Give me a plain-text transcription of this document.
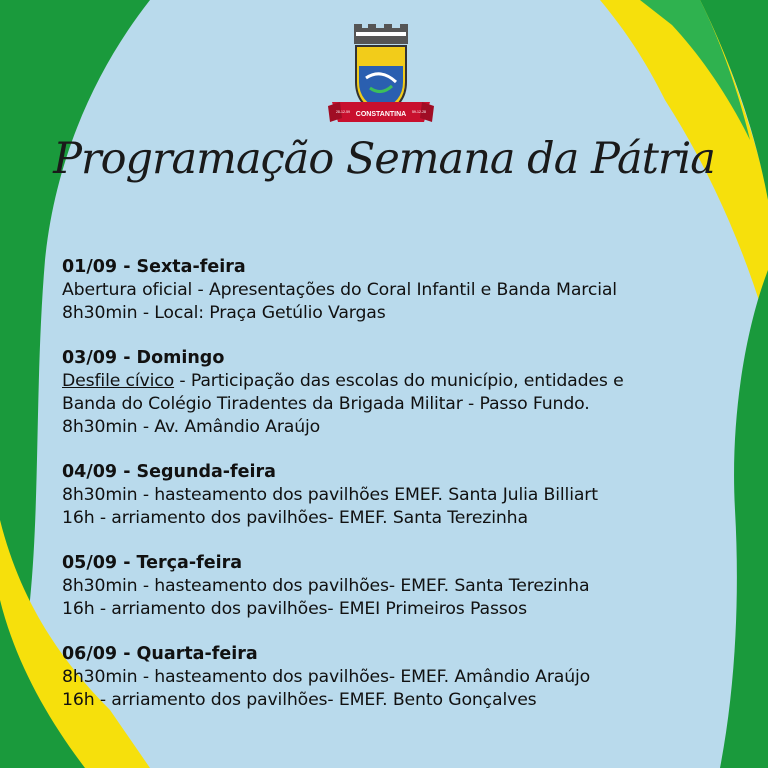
CONSTANTINA
28-12-59	59-12-28
Programação Semana da Pátria
01/09 - Sexta-feira
Abertura oficial - Apresentações do Coral Infantil e Banda Marcial
8h30min - Local: Praça Getúlio Vargas
03/09 - Domingo
Desfile cívico - Participação das escolas do município, entidades e
Banda do Colégio Tiradentes da Brigada Militar - Passo Fundo.
8h30min - Av. Amândio Araújo
04/09 - Segunda-feira
8h30min - hasteamento dos pavilhões EMEF. Santa Julia Billiart
16h - arriamento dos pavilhões- EMEF. Santa Terezinha
05/09 - Terça-feira
8h30min - hasteamento dos pavilhões- EMEF. Santa Terezinha
16h - arriamento dos pavilhões- EMEI Primeiros Passos
06/09 - Quarta-feira
8h30min - hasteamento dos pavilhões- EMEF. Amândio Araújo
16h - arriamento dos pavilhões- EMEF. Bento Gonçalves
